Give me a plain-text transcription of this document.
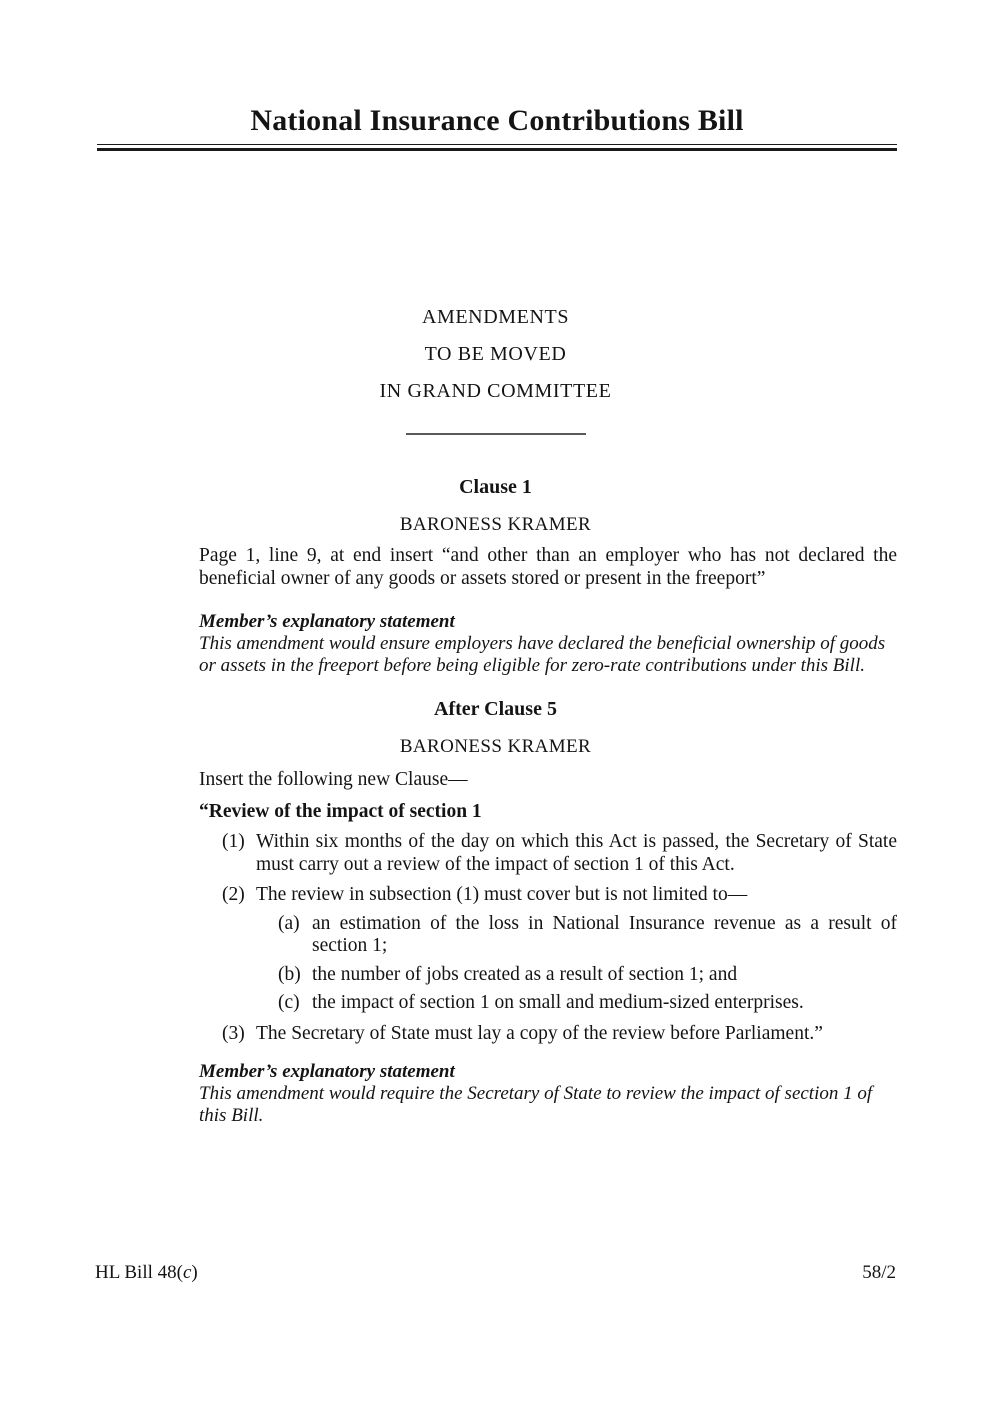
National Insurance Contributions Bill
AMENDMENTS
TO BE MOVED
IN GRAND COMMITTEE
Clause 1
BARONESS KRAMER

Page 1, line 9, at end insert “and other than an employer who has not declared the beneficial owner of any goods or assets stored or present in the freeport”

Member’s explanatory statement

This amendment would ensure employers have declared the beneficial ownership of goods or assets in the freeport before being eligible for zero-rate contributions under this Bill.

After Clause 5
BARONESS KRAMER

Insert the following new Clause—

“Review of the impact of section 1

(1) Within six months of the day on which this Act is passed, the Secretary of State must carry out a review of the impact of section 1 of this Act.
(2) The review in subsection (1) must cover but is not limited to—
(a) an estimation of the loss in National Insurance revenue as a result of section 1;
(b) the number of jobs created as a result of section 1; and
(c) the impact of section 1 on small and medium-sized enterprises.
(3) The Secretary of State must lay a copy of the review before Parliament.”

Member’s explanatory statement

This amendment would require the Secretary of State to review the impact of section 1 of this Bill.

HL Bill 48(c)	58/2
